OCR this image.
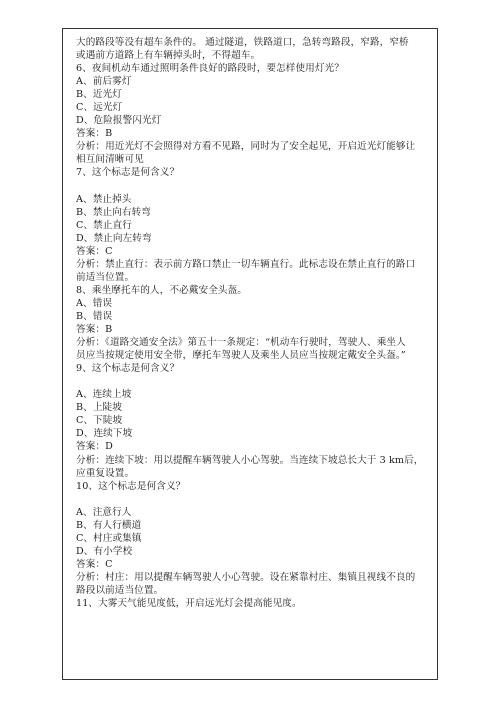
大的路段等没有超车条件的。 通过隧道，铁路道口，急转弯路段，窄路，窄桥
或遇前方道路上有车辆掉头时，不得超车。
6、夜间机动车通过照明条件良好的路段时，要怎样使用灯光？
A、前后雾灯
B、近光灯
C、远光灯
D、危险报警闪光灯
答案：B
分析：用近光灯不会照得对方看不见路，同时为了安全起见，开启近光灯能够让
相互间清晰可见
7、这个标志是何含义？
A、禁止掉头
B、禁止向右转弯
C、禁止直行
D、禁止向左转弯
答案：C
分析：禁止直行：表示前方路口禁止一切车辆直行。此标志设在禁止直行的路口
前适当位置。
8、乘坐摩托车的人，不必戴安全头盔。
A、错误
B、错误
答案：B
分析：《道路交通安全法》第五十一条规定：“机动车行驶时，驾驶人、乘坐人
员应当按规定使用安全带，摩托车驾驶人及乘坐人员应当按规定戴安全头盔。”
9、这个标志是何含义？
A、连续上坡
B、上陡坡
C、下陡坡
D、连续下坡
答案：D
分析：连续下坡：用以提醒车辆驾驶人小心驾驶。当连续下坡总长大于 3 km后，
应重复设置。
10、这个标志是何含义？
A、注意行人
B、有人行横道
C、村庄或集镇
D、有小学校
答案：C
分析：村庄：用以提醒车辆驾驶人小心驾驶。设在紧靠村庄、集镇且视线不良的
路段以前适当位置。
11、大雾天气能见度低，开启远光灯会提高能见度。
